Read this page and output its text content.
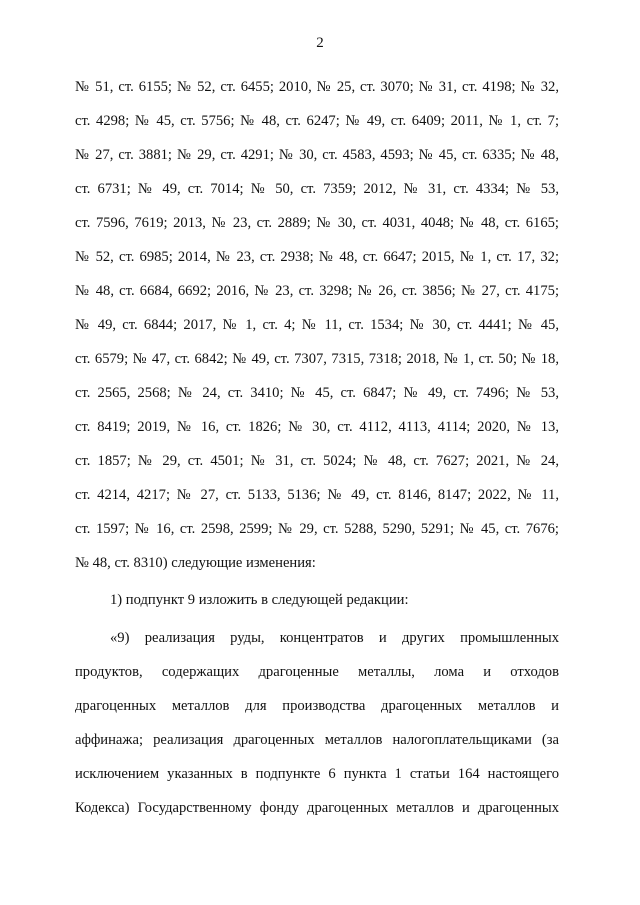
2
№ 51, ст. 6155; № 52, ст. 6455; 2010, № 25, ст. 3070; № 31, ст. 4198; № 32,
ст. 4298; № 45, ст. 5756; № 48, ст. 6247; № 49, ст. 6409; 2011, № 1, ст. 7;
№ 27, ст. 3881; № 29, ст. 4291; № 30, ст. 4583, 4593; № 45, ст. 6335; № 48,
ст. 6731; № 49, ст. 7014; № 50, ст. 7359; 2012, № 31, ст. 4334; № 53,
ст. 7596, 7619; 2013, № 23, ст. 2889; № 30, ст. 4031, 4048; № 48, ст. 6165;
№ 52, ст. 6985; 2014, № 23, ст. 2938; № 48, ст. 6647; 2015, № 1, ст. 17, 32;
№ 48, ст. 6684, 6692; 2016, № 23, ст. 3298; № 26, ст. 3856; № 27, ст. 4175;
№ 49, ст. 6844; 2017, № 1, ст. 4; № 11, ст. 1534; № 30, ст. 4441; № 45,
ст. 6579; № 47, ст. 6842; № 49, ст. 7307, 7315, 7318; 2018, № 1, ст. 50; № 18,
ст. 2565, 2568; № 24, ст. 3410; № 45, ст. 6847; № 49, ст. 7496; № 53,
ст. 8419; 2019, № 16, ст. 1826; № 30, ст. 4112, 4113, 4114; 2020, № 13,
ст. 1857; № 29, ст. 4501; № 31, ст. 5024; № 48, ст. 7627; 2021, № 24,
ст. 4214, 4217; № 27, ст. 5133, 5136; № 49, ст. 8146, 8147; 2022, № 11,
ст. 1597; № 16, ст. 2598, 2599; № 29, ст. 5288, 5290, 5291; № 45, ст. 7676;
№ 48, ст. 8310) следующие изменения:
1) подпункт 9 изложить в следующей редакции:
«9) реализация руды, концентратов и других промышленных
продуктов, содержащих драгоценные металлы, лома и отходов
драгоценных металлов для производства драгоценных металлов и
аффинажа; реализация драгоценных металлов налогоплательщиками (за
исключением указанных в подпункте 6 пункта 1 статьи 164 настоящего
Кодекса) Государственному фонду драгоценных металлов и драгоценных
